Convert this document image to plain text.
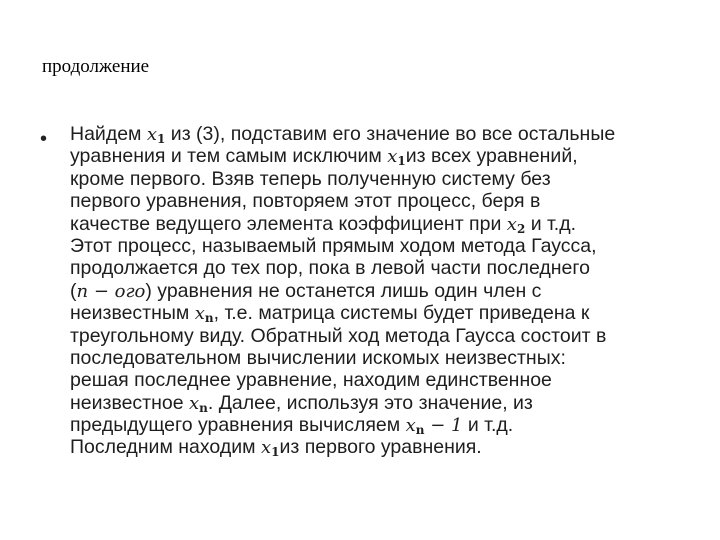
продолжение
• Найдем $x_1$ из (3), подставим его значение во все остальные
уравнения и тем самым исключим $x_1из$ всех уравнений,
кроме первого. Взяв теперь полученную систему без
первого уравнения, повторяем этот процесс, беря в
качестве ведущего элемента коэффициент при $x_2$ и т.д.
Этот процесс, называемый прямым ходом метода Гаусса,
продолжается до тех пор, пока в левой части последнего
(n − ого) уравнения не останется лишь один член с
неизвестным $x_n$, т.е. матрица системы будет приведена к
треугольному виду. Обратный ход метода Гаусса состоит в
последовательном вычислении искомых неизвестных:
решая последнее уравнение, находим единственное
неизвестное $x_n$. Далее, используя это значение, из
предыдущего уравнения вычисляем $x_n - 1$ и т.д.
Последним находим $x_1из$ первого уравнения.
